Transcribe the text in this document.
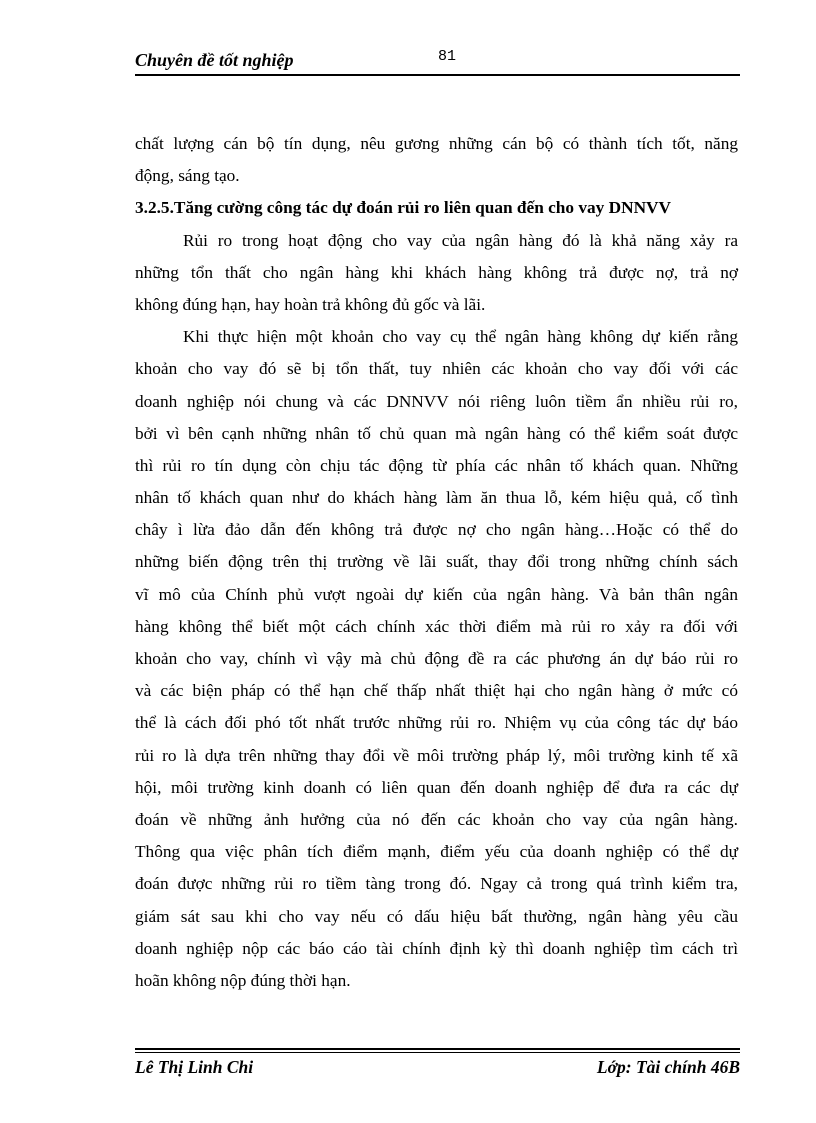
Chuyên đề tốt nghiệp	81
chất lượng cán bộ tín dụng, nêu gương những cán bộ có thành tích tốt, năng
động, sáng tạo.
3.2.5.Tăng cường công tác dự đoán rủi ro liên quan đến cho vay DNNVV
Rủi ro trong hoạt động cho vay của ngân hàng đó là khả năng xảy ra
những tổn thất cho ngân hàng khi khách hàng không trả được nợ, trả nợ
không đúng hạn, hay hoàn trả không đủ gốc và lãi.
Khi thực hiện một khoản cho vay cụ thể ngân hàng không dự kiến rằng
khoản cho vay đó sẽ bị tổn thất, tuy nhiên các khoản cho vay đối với các
doanh nghiệp nói chung và các DNNVV nói riêng luôn tiềm ẩn nhiều rủi ro,
bởi vì bên cạnh những nhân tố chủ quan mà ngân hàng có thể kiểm soát được
thì rủi ro tín dụng còn chịu tác động từ phía các nhân tố khách quan. Những
nhân tố khách quan như do khách hàng làm ăn thua lỗ, kém hiệu quả, cố tình
chây ì lừa đảo dẫn đến không trả được nợ cho ngân hàng…Hoặc có thể do
những biến động trên thị trường về lãi suất, thay đổi trong những chính sách
vĩ mô của Chính phủ vượt ngoài dự kiến của ngân hàng. Và bản thân ngân
hàng không thể biết một cách chính xác thời điểm mà rủi ro xảy ra đối với
khoản cho vay, chính vì vậy mà chủ động đề ra các phương án dự báo rủi ro
và các biện pháp có thể hạn chế thấp nhất thiệt hại cho ngân hàng ở mức có
thể là cách đối phó tốt nhất trước những rủi ro. Nhiệm vụ của công tác dự báo
rủi ro là dựa trên những thay đổi về môi trường pháp lý, môi trường kinh tế xã
hội, môi trường kinh doanh có liên quan đến doanh nghiệp để đưa ra các dự
đoán về những ảnh hưởng của nó đến các khoản cho vay của ngân hàng.
Thông qua việc phân tích điểm mạnh, điểm yếu của doanh nghiệp có thể dự
đoán được những rủi ro tiềm tàng trong đó. Ngay cả trong quá trình kiểm tra,
giám sát sau khi cho vay nếu có dấu hiệu bất thường, ngân hàng yêu cầu
doanh nghiệp nộp các báo cáo tài chính định kỳ thì doanh nghiệp tìm cách trì
hoãn không nộp đúng thời hạn.
Lê Thị Linh Chi	Lớp: Tài chính 46B
